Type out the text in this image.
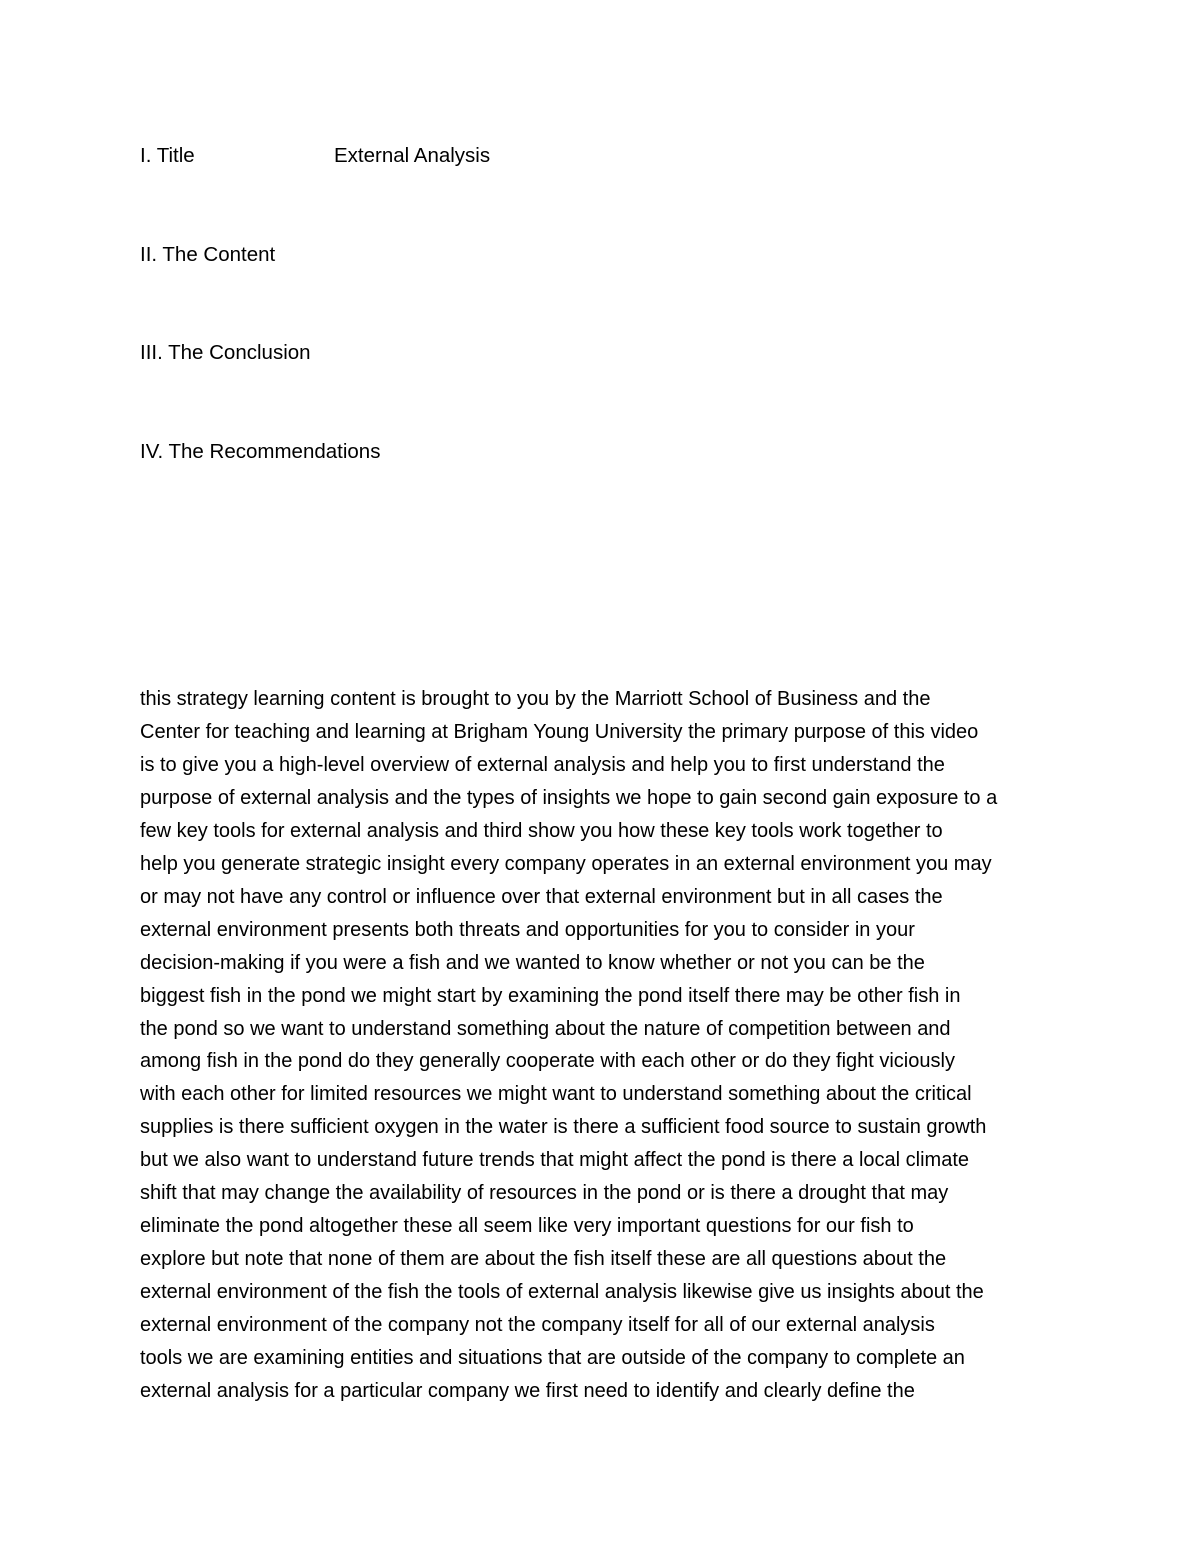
I. Title	External Analysis
II. The Content
III. The Conclusion
IV. The Recommendations
this strategy learning content is brought to you by the Marriott School of Business and the
Center for teaching and learning at Brigham Young University the primary purpose of this video
is to give you a high-level overview of external analysis and help you to first understand the
purpose of external analysis and the types of insights we hope to gain second gain exposure to a
few key tools for external analysis and third show you how these key tools work together to
help you generate strategic insight every company operates in an external environment you may
or may not have any control or influence over that external environment but in all cases the
external environment presents both threats and opportunities for you to consider in your
decision-making if you were a fish and we wanted to know whether or not you can be the
biggest fish in the pond we might start by examining the pond itself there may be other fish in
the pond so we want to understand something about the nature of competition between and
among fish in the pond do they generally cooperate with each other or do they fight viciously
with each other for limited resources we might want to understand something about the critical
supplies is there sufficient oxygen in the water is there a sufficient food source to sustain growth
but we also want to understand future trends that might affect the pond is there a local climate
shift that may change the availability of resources in the pond or is there a drought that may
eliminate the pond altogether these all seem like very important questions for our fish to
explore but note that none of them are about the fish itself these are all questions about the
external environment of the fish the tools of external analysis likewise give us insights about the
external environment of the company not the company itself for all of our external analysis
tools we are examining entities and situations that are outside of the company to complete an
external analysis for a particular company we first need to identify and clearly define the
